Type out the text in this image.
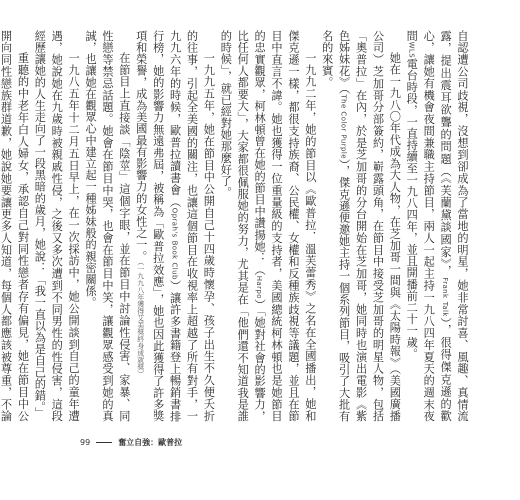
自認遭公司歧視，沒想到卻成為了當地的明星，她非常討喜、風趣、真情流露，提出震耳欲聾的問題（《芙蘭黛談國家》，Frank Talk），很得傑克遜的歡心，讓她有機會夜間兼職主持節目，兩人一起主持一九八四年夏天的週末夜間WLS電台時段，一直持續至一九八四年，並且開播前二十一歲。

她在一九八〇年代成為大人物，在芝加哥一間與《太陽時報》（美國廣播公司）芝加哥分部簽約，嶄露頭角，在節目中接受芝加哥的明星人物，包括「奧普拉」在內，於是芝加哥的分台開始在芝加哥，她同時也演出電影《紫色姊妹花》（The Color Purple），傑克遜便邀她主持一個系列節目，吸引了大批有名的來賓。

一九九二年，她的節目以《歐普拉．溫芙蕾秀》之名在全國播出，她和傑克遜一樣，都很支持族裔、公民權、女權和反種族歧視等議題，並且在節目中直言不諱。她也獲得一位重量級的支持者，美國總統柯林頓也是她節目的忠實觀眾，柯林頓曾在她的節目中讚揚她：（Harpo）「她對社會的影響力，比任何人都要大」，大家都很佩服她的努力，尤其是在「他們還不知道我是誰的時候」，就已經對她那麼好了。

一九九五年，她在節目中公開自己十四歲時懷孕、孩子出生不久便夭折的往事，引起全美國的關注，也讓這個節目在收視率上超越了所有對手，一九九六年的時候，歐普拉讀書會（Oprah's Book Club）讓許多書籍登上暢銷書排行榜，她的影響力無遠弗屆，被稱為「歐普拉效應」，她也因此獲得了許多獎項和榮譽，成為美國最有影響力的女性之一。（一九九八年獲得艾美獎終身成就獎）

在節目上直接談「陰莖」這個字眼，並在節目中討論性侵害、家暴、同性戀等禁忌話題。她會在節目中哭，也會在節目中笑，讓觀眾感受到她的真誠，也讓她在觀眾心中建立起一種姊妹般的親密關係。

一九八五年十二月五日早上，在一次採訪中，她公開談到自己的童年遭遇，她說她在九歲時被親戚性侵，之後又多次遭到不同男性的性侵害，這段經歷讓她的人生走向了一段黑暗的歲月，她說：「我一直以為是自己的錯。」

重聽的中老年白人婦女，承認自己對同性戀者存有偏見，她在節目中公開向同性戀族群道歉，她說她要讓更多人知道，每個人都應該被尊重，不論

99	奮立自強：歐普拉
